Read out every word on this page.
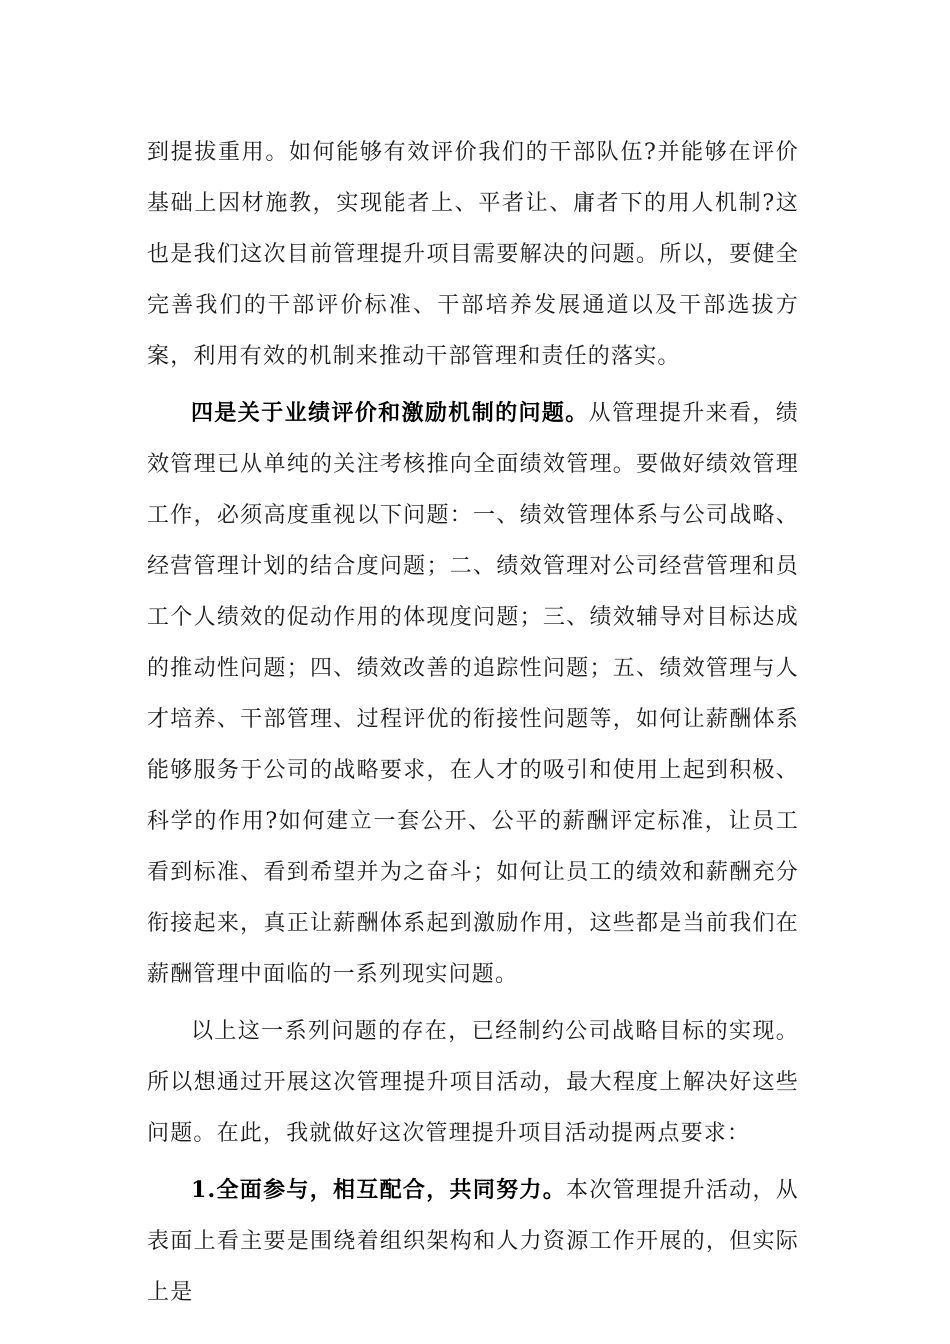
到提拔重用。如何能够有效评价我们的干部队伍?并能够在评价基础上因材施教，实现能者上、平者让、庸者下的用人机制?这也是我们这次目前管理提升项目需要解决的问题。所以，要健全完善我们的干部评价标准、干部培养发展通道以及干部选拔方案，利用有效的机制来推动干部管理和责任的落实。

四是关于业绩评价和激励机制的问题。从管理提升来看，绩效管理已从单纯的关注考核推向全面绩效管理。要做好绩效管理工作，必须高度重视以下问题：一、绩效管理体系与公司战略、经营管理计划的结合度问题；二、绩效管理对公司经营管理和员工个人绩效的促动作用的体现度问题；三、绩效辅导对目标达成的推动性问题；四、绩效改善的追踪性问题；五、绩效管理与人才培养、干部管理、过程评优的衔接性问题等，如何让薪酬体系能够服务于公司的战略要求，在人才的吸引和使用上起到积极、科学的作用?如何建立一套公开、公平的薪酬评定标准，让员工看到标准、看到希望并为之奋斗；如何让员工的绩效和薪酬充分衔接起来，真正让薪酬体系起到激励作用，这些都是当前我们在薪酬管理中面临的一系列现实问题。

以上这一系列问题的存在，已经制约公司战略目标的实现。所以想通过开展这次管理提升项目活动，最大程度上解决好这些问题。在此，我就做好这次管理提升项目活动提两点要求：

1.全面参与，相互配合，共同努力。本次管理提升活动，从表面上看主要是围绕着组织架构和人力资源工作开展的，但实际上是
